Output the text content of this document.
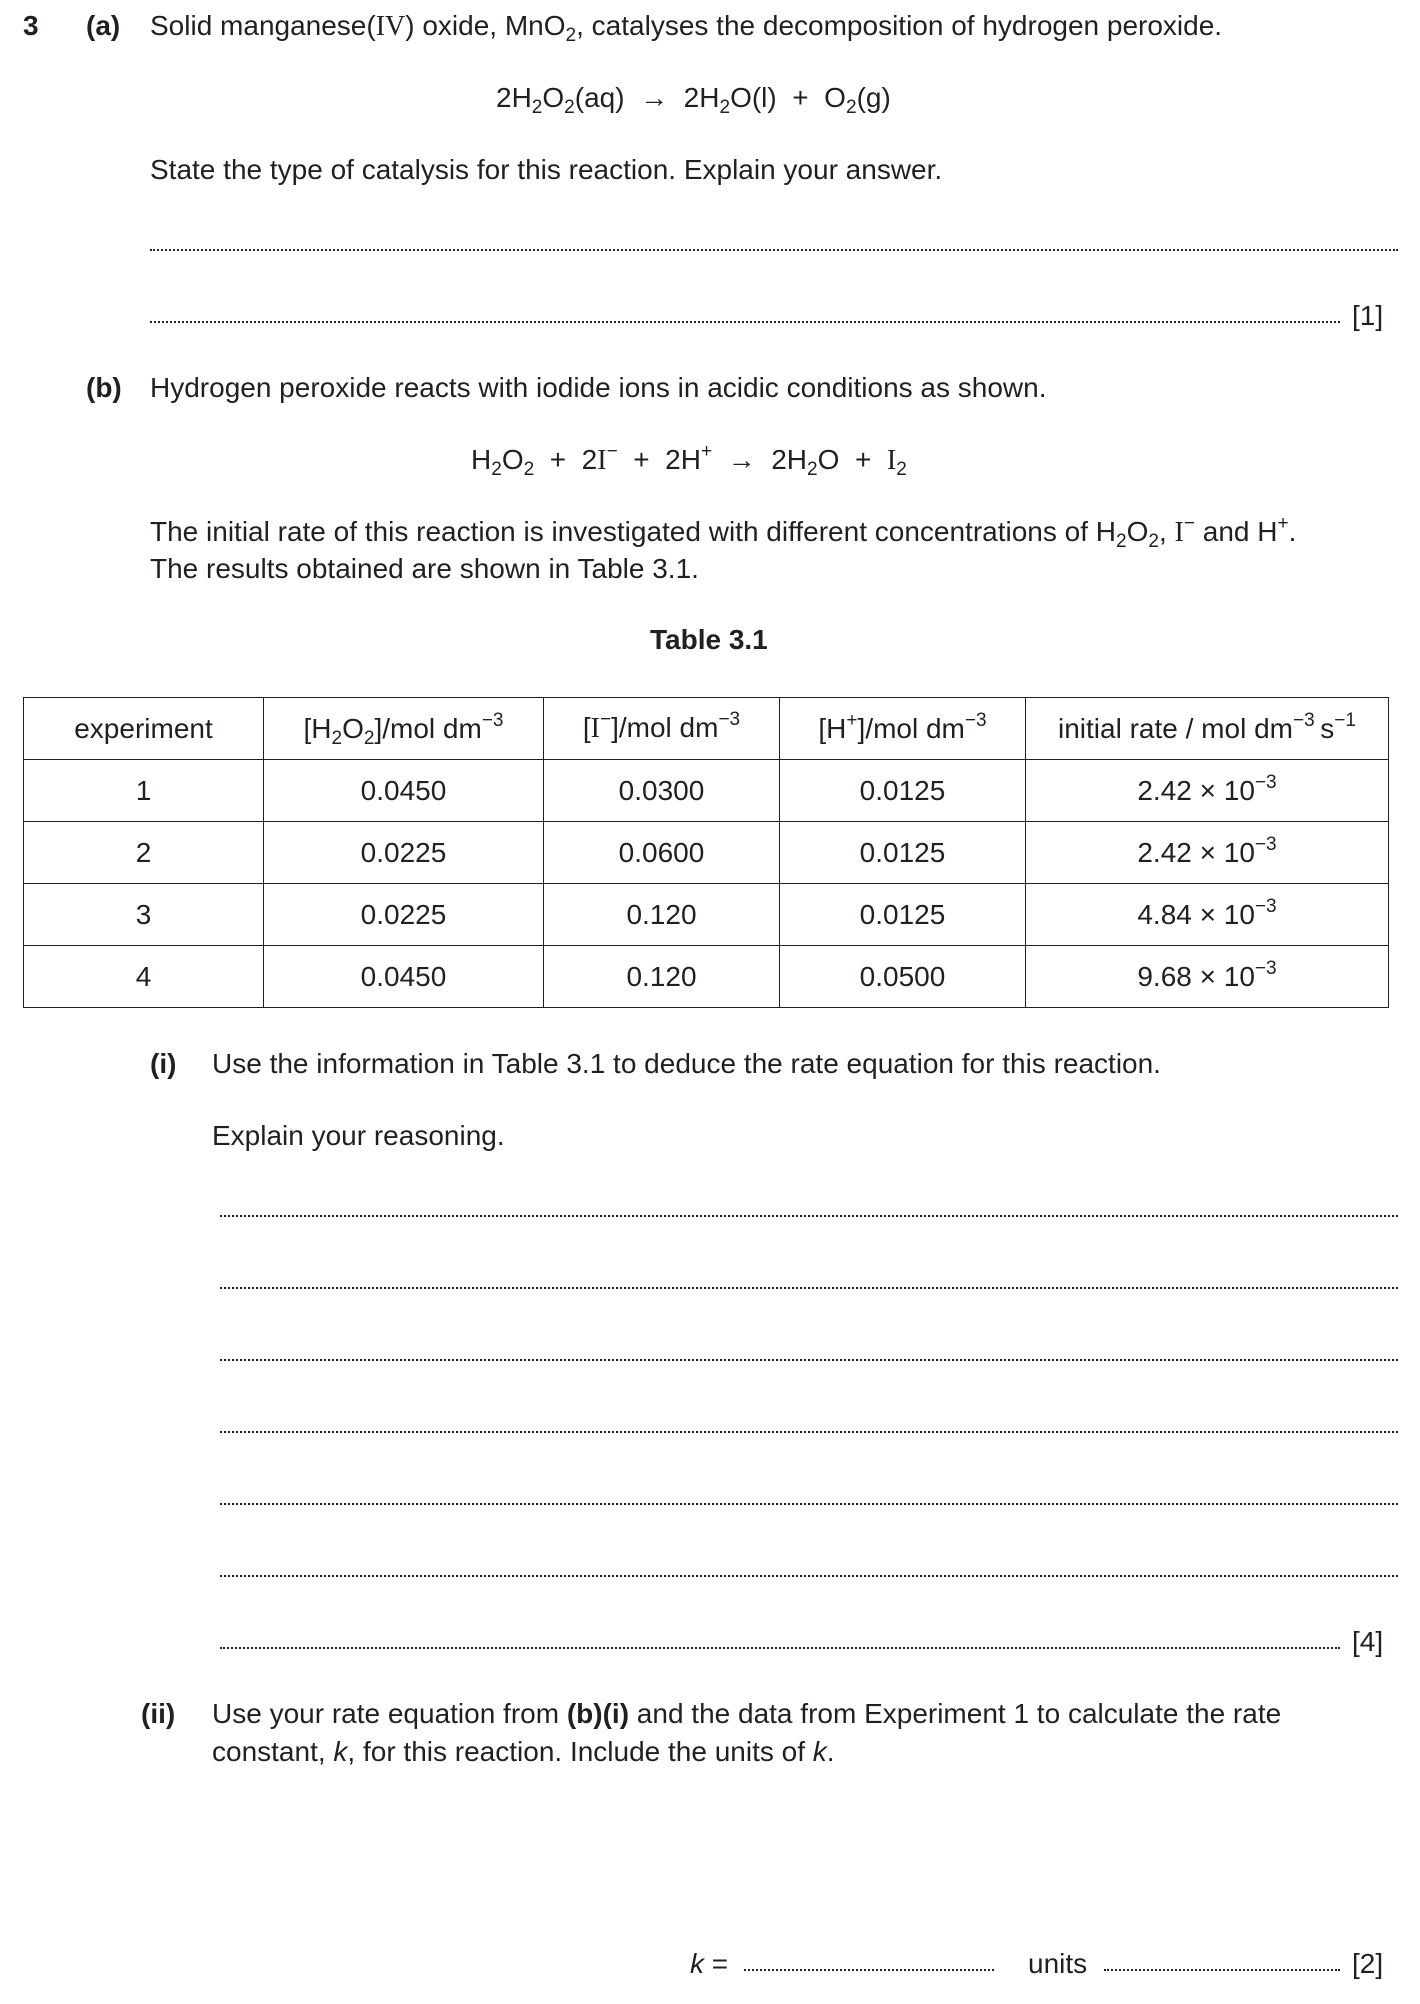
3 (a) Solid manganese(IV) oxide, MnO$_2$, catalyses the decomposition of hydrogen peroxide.
$2H_2O_2(aq) \to 2H_2O(l) + O_2(g)$
State the type of catalysis for this reaction. Explain your answer.
[1]
(b) Hydrogen peroxide reacts with iodide ions in acidic conditions as shown.
$H_2O_2 + 2I^- + 2H^+ \to 2H_2O + I_2$
The initial rate of this reaction is investigated with different concentrations of $H_2O_2$, I− and H+.
The results obtained are shown in Table 3.1.
Table 3.1
experiment	$[H_2O_2]$/mol $dm^{-3}$	[I−]/mol $dm^{-3}$	[H+]/mol $dm^{-3}$	initial rate / mol $dm^{-3}$ $s^{-1}$
1	0.0450	0.0300	0.0125	$2.42 \times 10^{-3}$
2	0.0225	0.0600	0.0125	$2.42 \times 10^{-3}$
3	0.0225	0.120	0.0125	$4.84 \times 10^{-3}$
4	0.0450	0.120	0.0500	$9.68 \times 10^{-3}$
(i) Use the information in Table 3.1 to deduce the rate equation for this reaction.
Explain your reasoning.
[4]
(ii) Use your rate equation from (b)(i) and the data from Experiment 1 to calculate the rate
constant, k, for this reaction. Include the units of k.
k =	units	[2]
